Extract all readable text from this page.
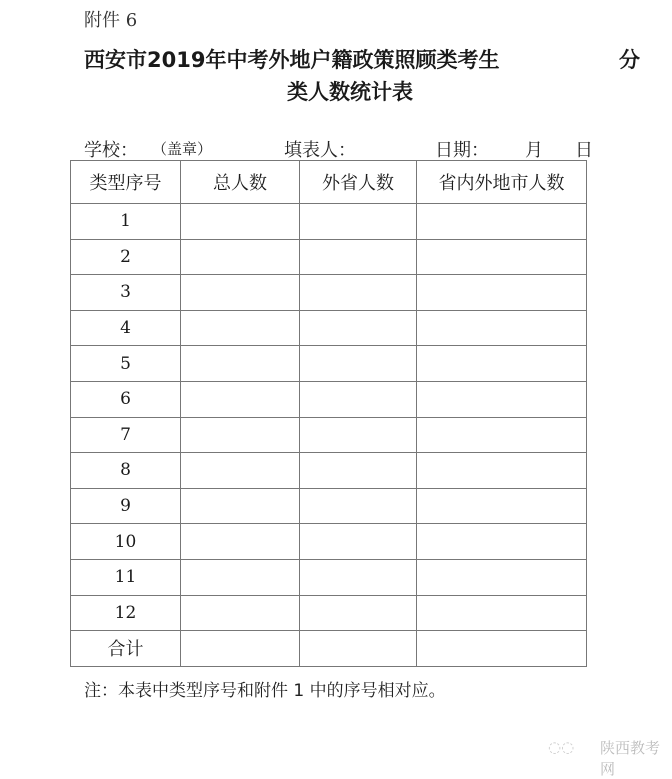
附件 6
西安市2019年中考外地户籍政策照顾类考生	分
类人数统计表
学校： （盖章）	填表人：	日期： 月 日
类型序号	总人数	外省人数	省内外地市人数
1			
2			
3			
4			
5			
6			
7			
8			
9			
10			
11			
12			
合计			
注：本表中类型序号和附件 1 中的序号相对应。
◌◌ 陕西教考网
